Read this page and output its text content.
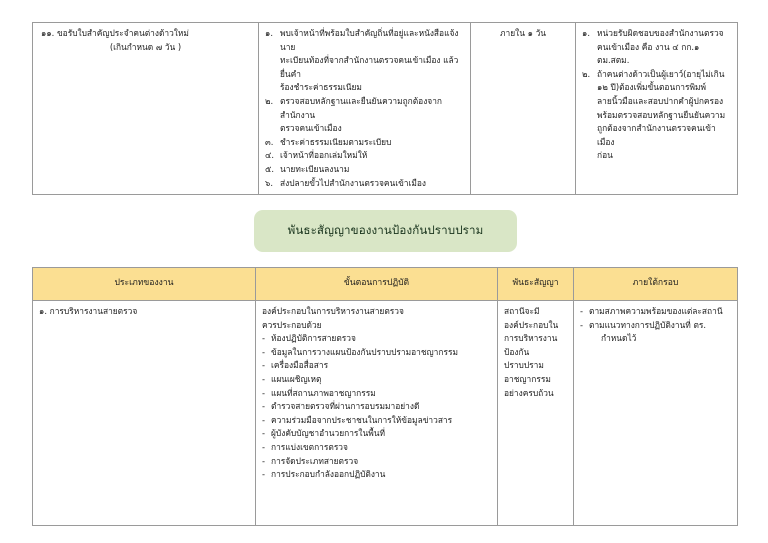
๑๑. ขอรับใบสำคัญประจำคนต่างด้าวใหม่
(เกินกำหนด ๗ วัน )

๑. พบเจ้าหน้าที่พร้อมใบสำคัญถิ่นที่อยู่และหนังสือแจ้งนาย
ทะเบียนท้องที่จากสำนักงานตรวจคนเข้าเมือง แล้วยื่นคำ
ร้องชำระค่าธรรมเนียม
๒. ตรวจสอบหลักฐานและยืนยันความถูกต้องจากสำนักงาน
ตรวจคนเข้าเมือง
๓. ชำระค่าธรรมเนียมตามระเบียบ
๔. เจ้าหน้าที่ออกเล่มใหม่ให้
๕. นายทะเบียนลงนาม
๖. ส่งปลายขั้วไปสำนักงานตรวจคนเข้าเมือง

ภายใน ๑ วัน	๑. หน่วยรับผิดชอบของสำนักงานตรวจ
คนเข้าเมือง คือ งาน ๔ กก.๑ ตม.สตม.
๒. ถ้าคนต่างด้าวเป็นผู้เยาว์(อายุไม่เกิน
๑๒ ปี)ต้องเพิ่มขั้นตอนการพิมพ์
ลายนิ้วมือและสอบปากคำผู้ปกครอง
พร้อมตรวจสอบหลักฐานยืนยันความ
ถูกต้องจากสำนักงานตรวจคนเข้าเมือง
ก่อน
พันธะสัญญาของงานป้องกันปราบปราม
ประเภทของงาน	ขั้นตอนการปฏิบัติ	พันธะสัญญา	ภายใต้กรอบ

๑. การบริหารงานสายตรวจ	องค์ประกอบในการบริหารงานสายตรวจ
ควรประกอบด้วย
- ห้องปฏิบัติการสายตรวจ
- ข้อมูลในการวางแผนป้องกันปราบปรามอาชญากรรม
- เครื่องมือสื่อสาร
- แผนเผชิญเหตุ
- แผนที่สถานภาพอาชญากรรม
- ตำรวจสายตรวจที่ผ่านการอบรมมาอย่างดี
- ความร่วมมือจากประชาชนในการให้ข้อมูลข่าวสาร
- ผู้บังคับบัญชาอำนวยการในพื้นที่
- การแบ่งเขตการตรวจ
- การจัดประเภทสายตรวจ
- การประกอบกำลังออกปฏิบัติงาน

สถานีจะมี
องค์ประกอบใน
การบริหารงาน
ป้องกัน
ปราบปราม
อาชญากรรม
อย่างครบถ้วน

- ตามสภาพความพร้อมของแต่ละสถานี
- ตามแนวทางการปฏิบัติงานที่ ตร.
กำหนดไว้
